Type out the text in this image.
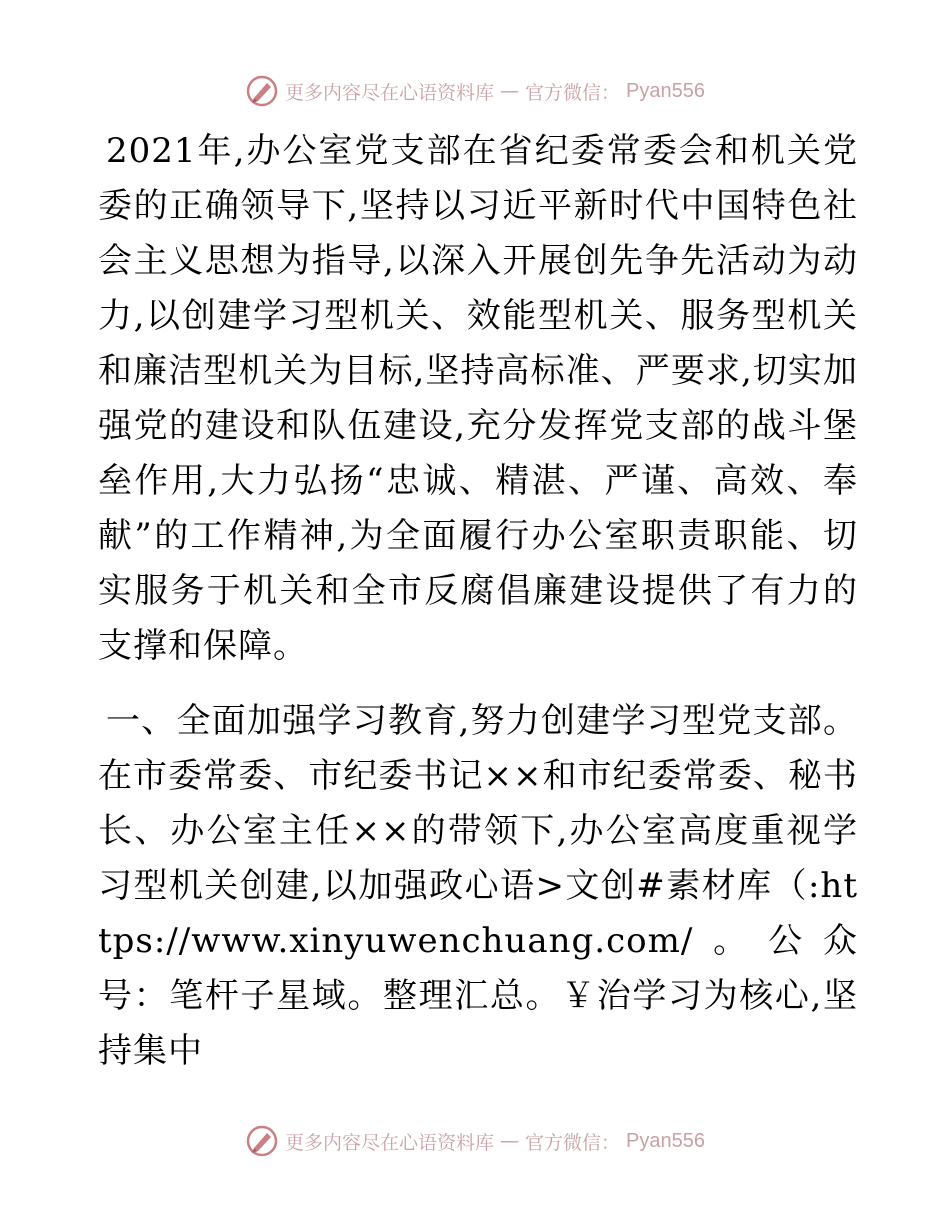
更多内容尽在心语资料库 — 官方微信： Pyan556

2021年,办公室党支部在省纪委常委会和机关党委的正确领导下,坚持以习近平新时代中国特色社会主义思想为指导,以深入开展创先争先活动为动力,以创建学习型机关、效能型机关、服务型机关和廉洁型机关为目标,坚持高标准、严要求,切实加强党的建设和队伍建设,充分发挥党支部的战斗堡垒作用,大力弘扬“忠诚、精湛、严谨、高效、奉献”的工作精神,为全面履行办公室职责职能、切实服务于机关和全市反腐倡廉建设提供了有力的支撑和保障。

一、全面加强学习教育,努力创建学习型党支部。在市委常委、市纪委书记××和市纪委常委、秘书长、办公室主任××的带领下,办公室高度重视学习型机关创建,以加强政心语>文创#素材库（:https://www.xinyuwenchuang.com/。公众号：笔杆子星域。整理汇总。￥治学习为核心,坚持集中

更多内容尽在心语资料库 — 官方微信： Pyan556
